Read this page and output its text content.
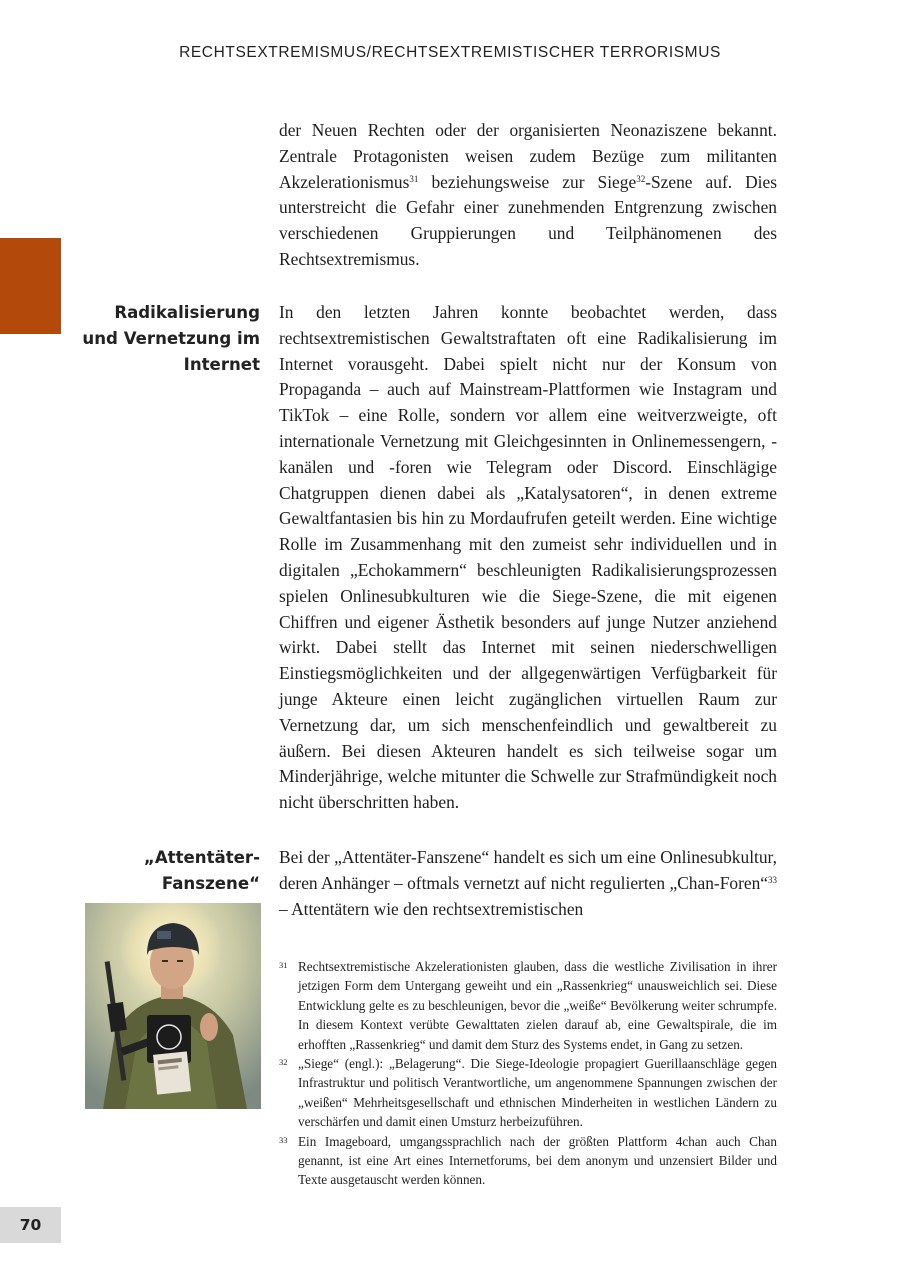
RECHTSEXTREMISMUS/RECHTSEXTREMISTISCHER TERRORISMUS

der Neuen Rechten oder der organisierten Neonaziszene bekannt. Zentrale Protagonisten weisen zudem Bezüge zum militanten Akzelerationismus$^{31}$ beziehungsweise zur Siege$^{32}$-Szene auf. Dies unterstreicht die Gefahr einer zunehmenden Entgrenzung zwischen verschiedenen Gruppierungen und Teilphänomenen des Rechtsextremismus.

Radikalisierung
und Vernetzung im
Internet

In den letzten Jahren konnte beobachtet werden, dass rechtsextremistischen Gewaltstraftaten oft eine Radikalisierung im Internet vorausgeht. Dabei spielt nicht nur der Konsum von Propaganda – auch auf Mainstream-Plattformen wie Instagram und TikTok – eine Rolle, sondern vor allem eine weitverzweigte, oft internationale Vernetzung mit Gleichgesinnten in Onlinemessengern, -kanälen und -foren wie Telegram oder Discord. Einschlägige Chatgruppen dienen dabei als „Katalysatoren“, in denen extreme Gewaltfantasien bis hin zu Mordaufrufen geteilt werden. Eine wichtige Rolle im Zusammenhang mit den zumeist sehr individuellen und in digitalen „Echokammern“ beschleunigten Radikalisierungsprozessen spielen Onlinesubkulturen wie die Siege-Szene, die mit eigenen Chiffren und eigener Ästhetik besonders auf junge Nutzer anziehend wirkt. Dabei stellt das Internet mit seinen niederschwelligen Einstiegsmöglichkeiten und der allgegenwärtigen Verfügbarkeit für junge Akteure einen leicht zugänglichen virtuellen Raum zur Vernetzung dar, um sich menschenfeindlich und gewaltbereit zu äußern. Bei diesen Akteuren handelt es sich teilweise sogar um Minderjährige, welche mitunter die Schwelle zur Strafmündigkeit noch nicht überschritten haben.

„Attentäter-
Fanszene“

Bei der „Attentäter-Fanszene“ handelt es sich um eine Onlinesubkultur, deren Anhänger – oftmals vernetzt auf nicht regulierten „Chan-Foren“$^{33}$ – Attentätern wie den rechtsextremistischen

31 Rechtsextremistische Akzelerationisten glauben, dass die westliche Zivilisation in ihrer jetzigen Form dem Untergang geweiht und ein „Rassenkrieg“ unausweichlich sei. Diese Entwicklung gelte es zu beschleunigen, bevor die „weiße“ Bevölkerung weiter schrumpfe. In diesem Kontext verübte Gewalttaten zielen darauf ab, eine Gewaltspirale, die im erhofften „Rassenkrieg“ und damit dem Sturz des Systems endet, in Gang zu setzen.
32 „Siege“ (engl.): „Belagerung“. Die Siege-Ideologie propagiert Guerillaanschläge gegen Infrastruktur und politisch Verantwortliche, um angenommene Spannungen zwischen der „weißen“ Mehrheitsgesellschaft und ethnischen Minderheiten in westlichen Ländern zu verschärfen und damit einen Umsturz herbeizuführen.
33 Ein Imageboard, umgangssprachlich nach der größten Plattform 4chan auch Chan genannt, ist eine Art eines Internetforums, bei dem anonym und unzensiert Bilder und Texte ausgetauscht werden können.
70
